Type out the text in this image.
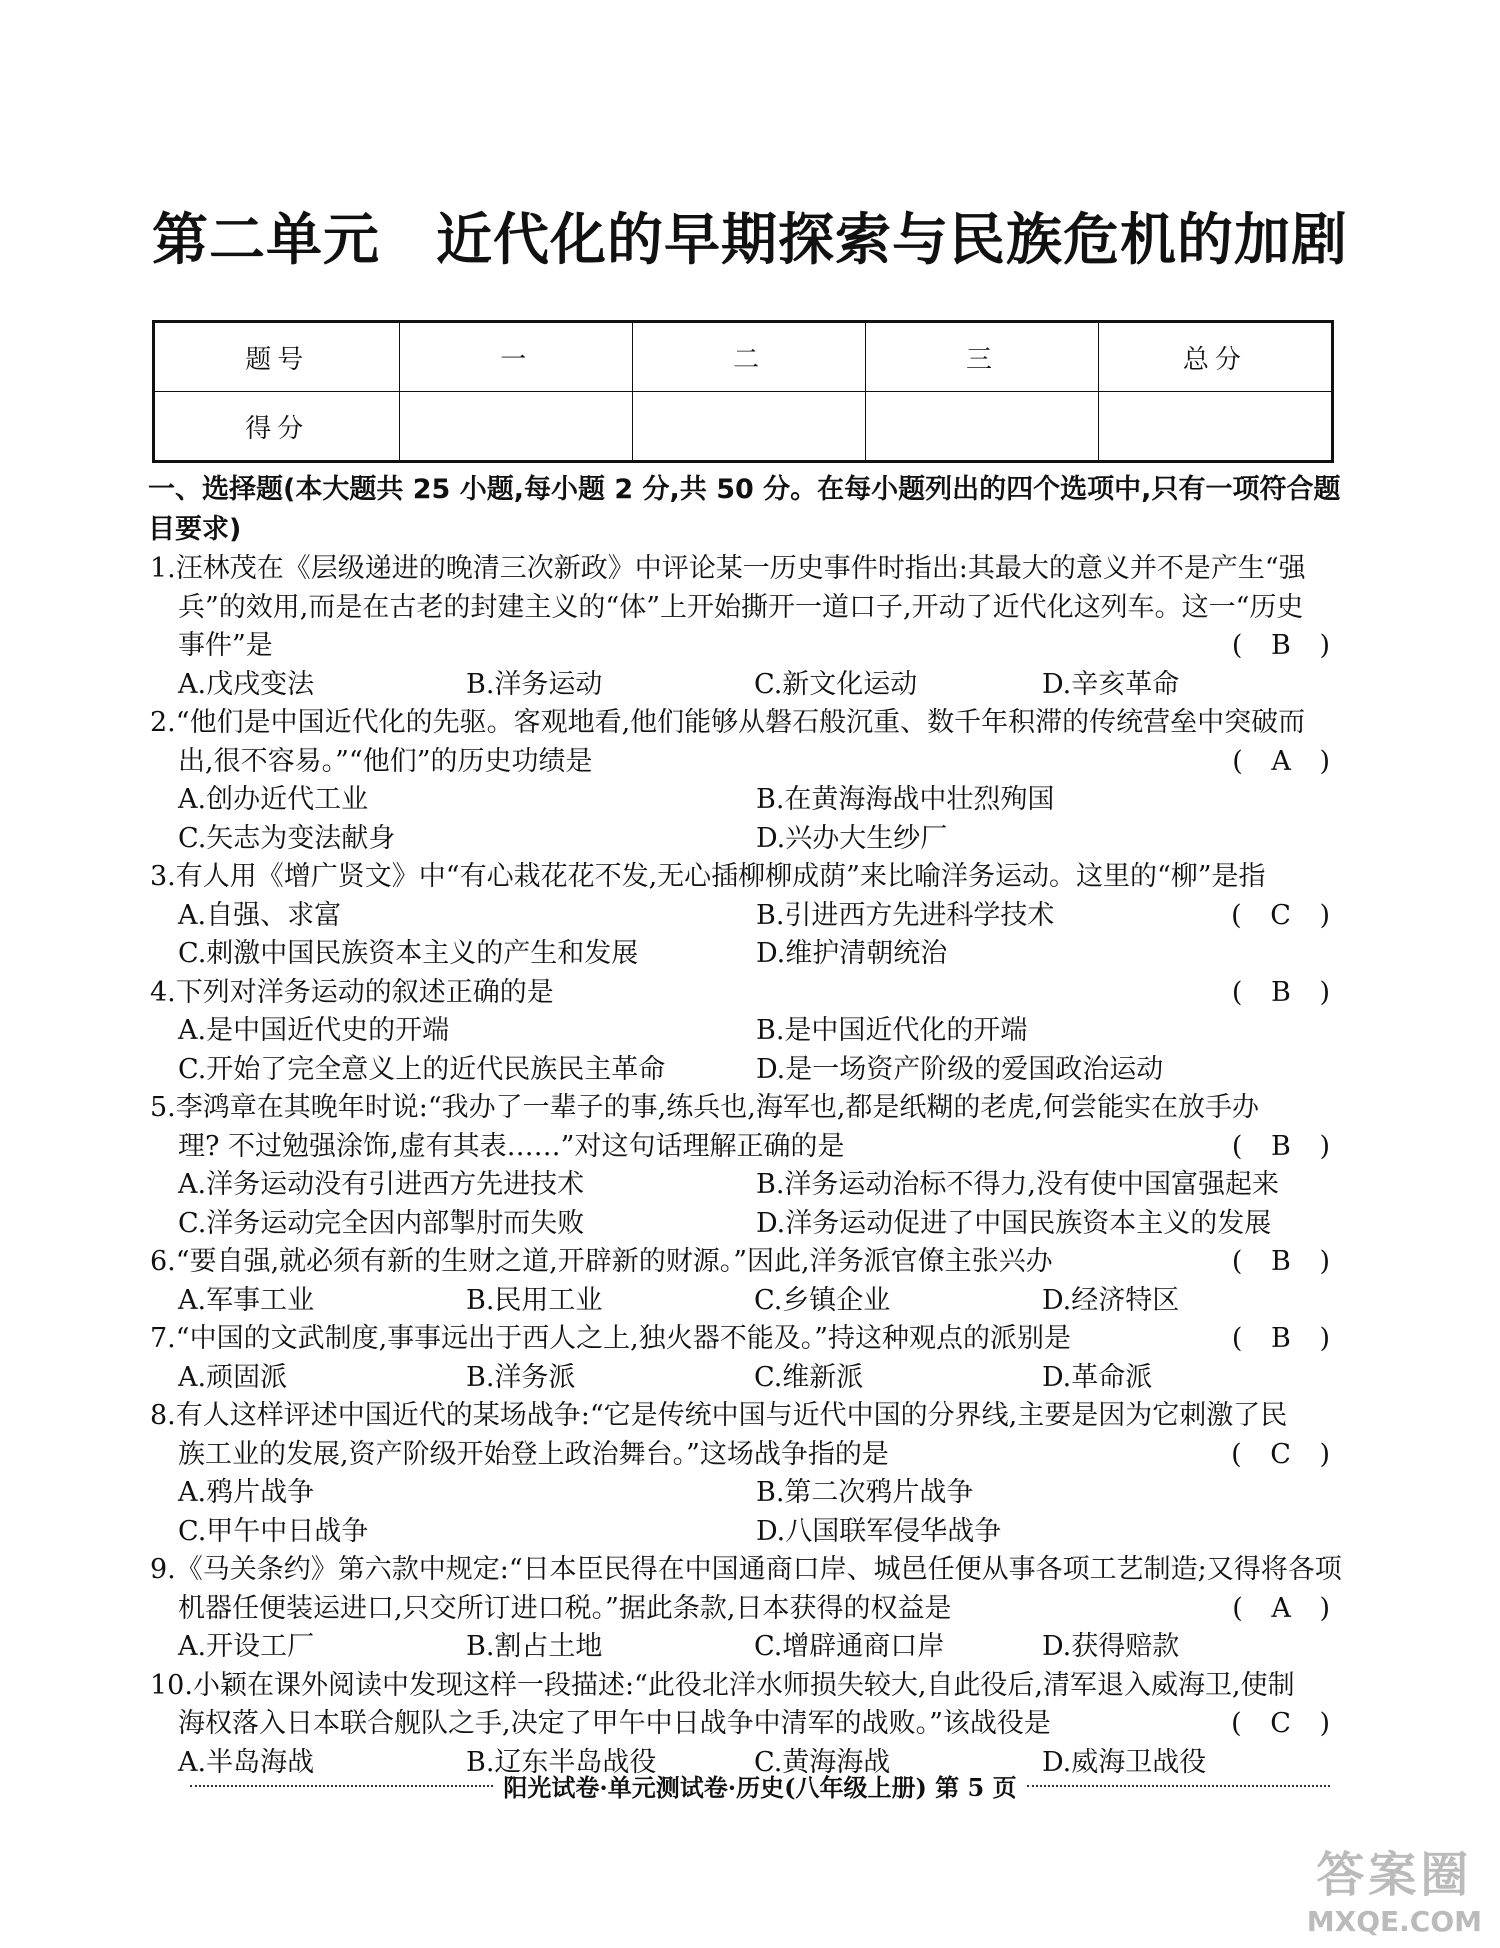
第二单元 近代化的早期探索与民族危机的加剧
题号	一	二	三	总分
得分				
一、选择题(本大题共 25 小题,每小题 2 分,共 50 分。在每小题列出的四个选项中,只有一项符合题目要求)
1.汪林茂在《层级递进的晚清三次新政》中评论某一历史事件时指出:其最大的意义并不是产生“强
兵”的效用,而是在古老的封建主义的“体”上开始撕开一道口子,开动了近代化这列车。这一“历史
事件”是	( B )
A.戊戌变法	B.洋务运动	C.新文化运动	D.辛亥革命
2.“他们是中国近代化的先驱。客观地看,他们能够从磐石般沉重、数千年积滞的传统营垒中突破而
出,很不容易。”“他们”的历史功绩是	( A )
A.创办近代工业	B.在黄海海战中壮烈殉国
C.矢志为变法献身	D.兴办大生纱厂
3.有人用《增广贤文》中“有心栽花花不发,无心插柳柳成荫”来比喻洋务运动。这里的“柳”是指
( C )
A.自强、求富	B.引进西方先进科学技术
C.刺激中国民族资本主义的产生和发展	D.维护清朝统治
4.下列对洋务运动的叙述正确的是	( B )
A.是中国近代史的开端	B.是中国近代化的开端
C.开始了完全意义上的近代民族民主革命	D.是一场资产阶级的爱国政治运动
5.李鸿章在其晚年时说:“我办了一辈子的事,练兵也,海军也,都是纸糊的老虎,何尝能实在放手办
理? 不过勉强涂饰,虚有其表……”对这句话理解正确的是	( B )
A.洋务运动没有引进西方先进技术	B.洋务运动治标不得力,没有使中国富强起来
C.洋务运动完全因内部掣肘而失败	D.洋务运动促进了中国民族资本主义的发展
6.“要自强,就必须有新的生财之道,开辟新的财源。”因此,洋务派官僚主张兴办	( B )
A.军事工业	B.民用工业	C.乡镇企业	D.经济特区
7.“中国的文武制度,事事远出于西人之上,独火器不能及。”持这种观点的派别是	( B )
A.顽固派	B.洋务派	C.维新派	D.革命派
8.有人这样评述中国近代的某场战争:“它是传统中国与近代中国的分界线,主要是因为它刺激了民
族工业的发展,资产阶级开始登上政治舞台。”这场战争指的是	( C )
A.鸦片战争	B.第二次鸦片战争
C.甲午中日战争	D.八国联军侵华战争
9.《马关条约》第六款中规定:“日本臣民得在中国通商口岸、城邑任便从事各项工艺制造;又得将各项
机器任便装运进口,只交所订进口税。”据此条款,日本获得的权益是	( A )
A.开设工厂	B.割占土地	C.增辟通商口岸	D.获得赔款
10.小颖在课外阅读中发现这样一段描述:“此役北洋水师损失较大,自此役后,清军退入威海卫,使制
海权落入日本联合舰队之手,决定了甲午中日战争中清军的战败。”该战役是	( C )
A.半岛海战	B.辽东半岛战役	C.黄海海战	D.威海卫战役
阳光试卷·单元测试卷·历史(八年级上册) 第 5 页
答案圈
MXQE.COM
